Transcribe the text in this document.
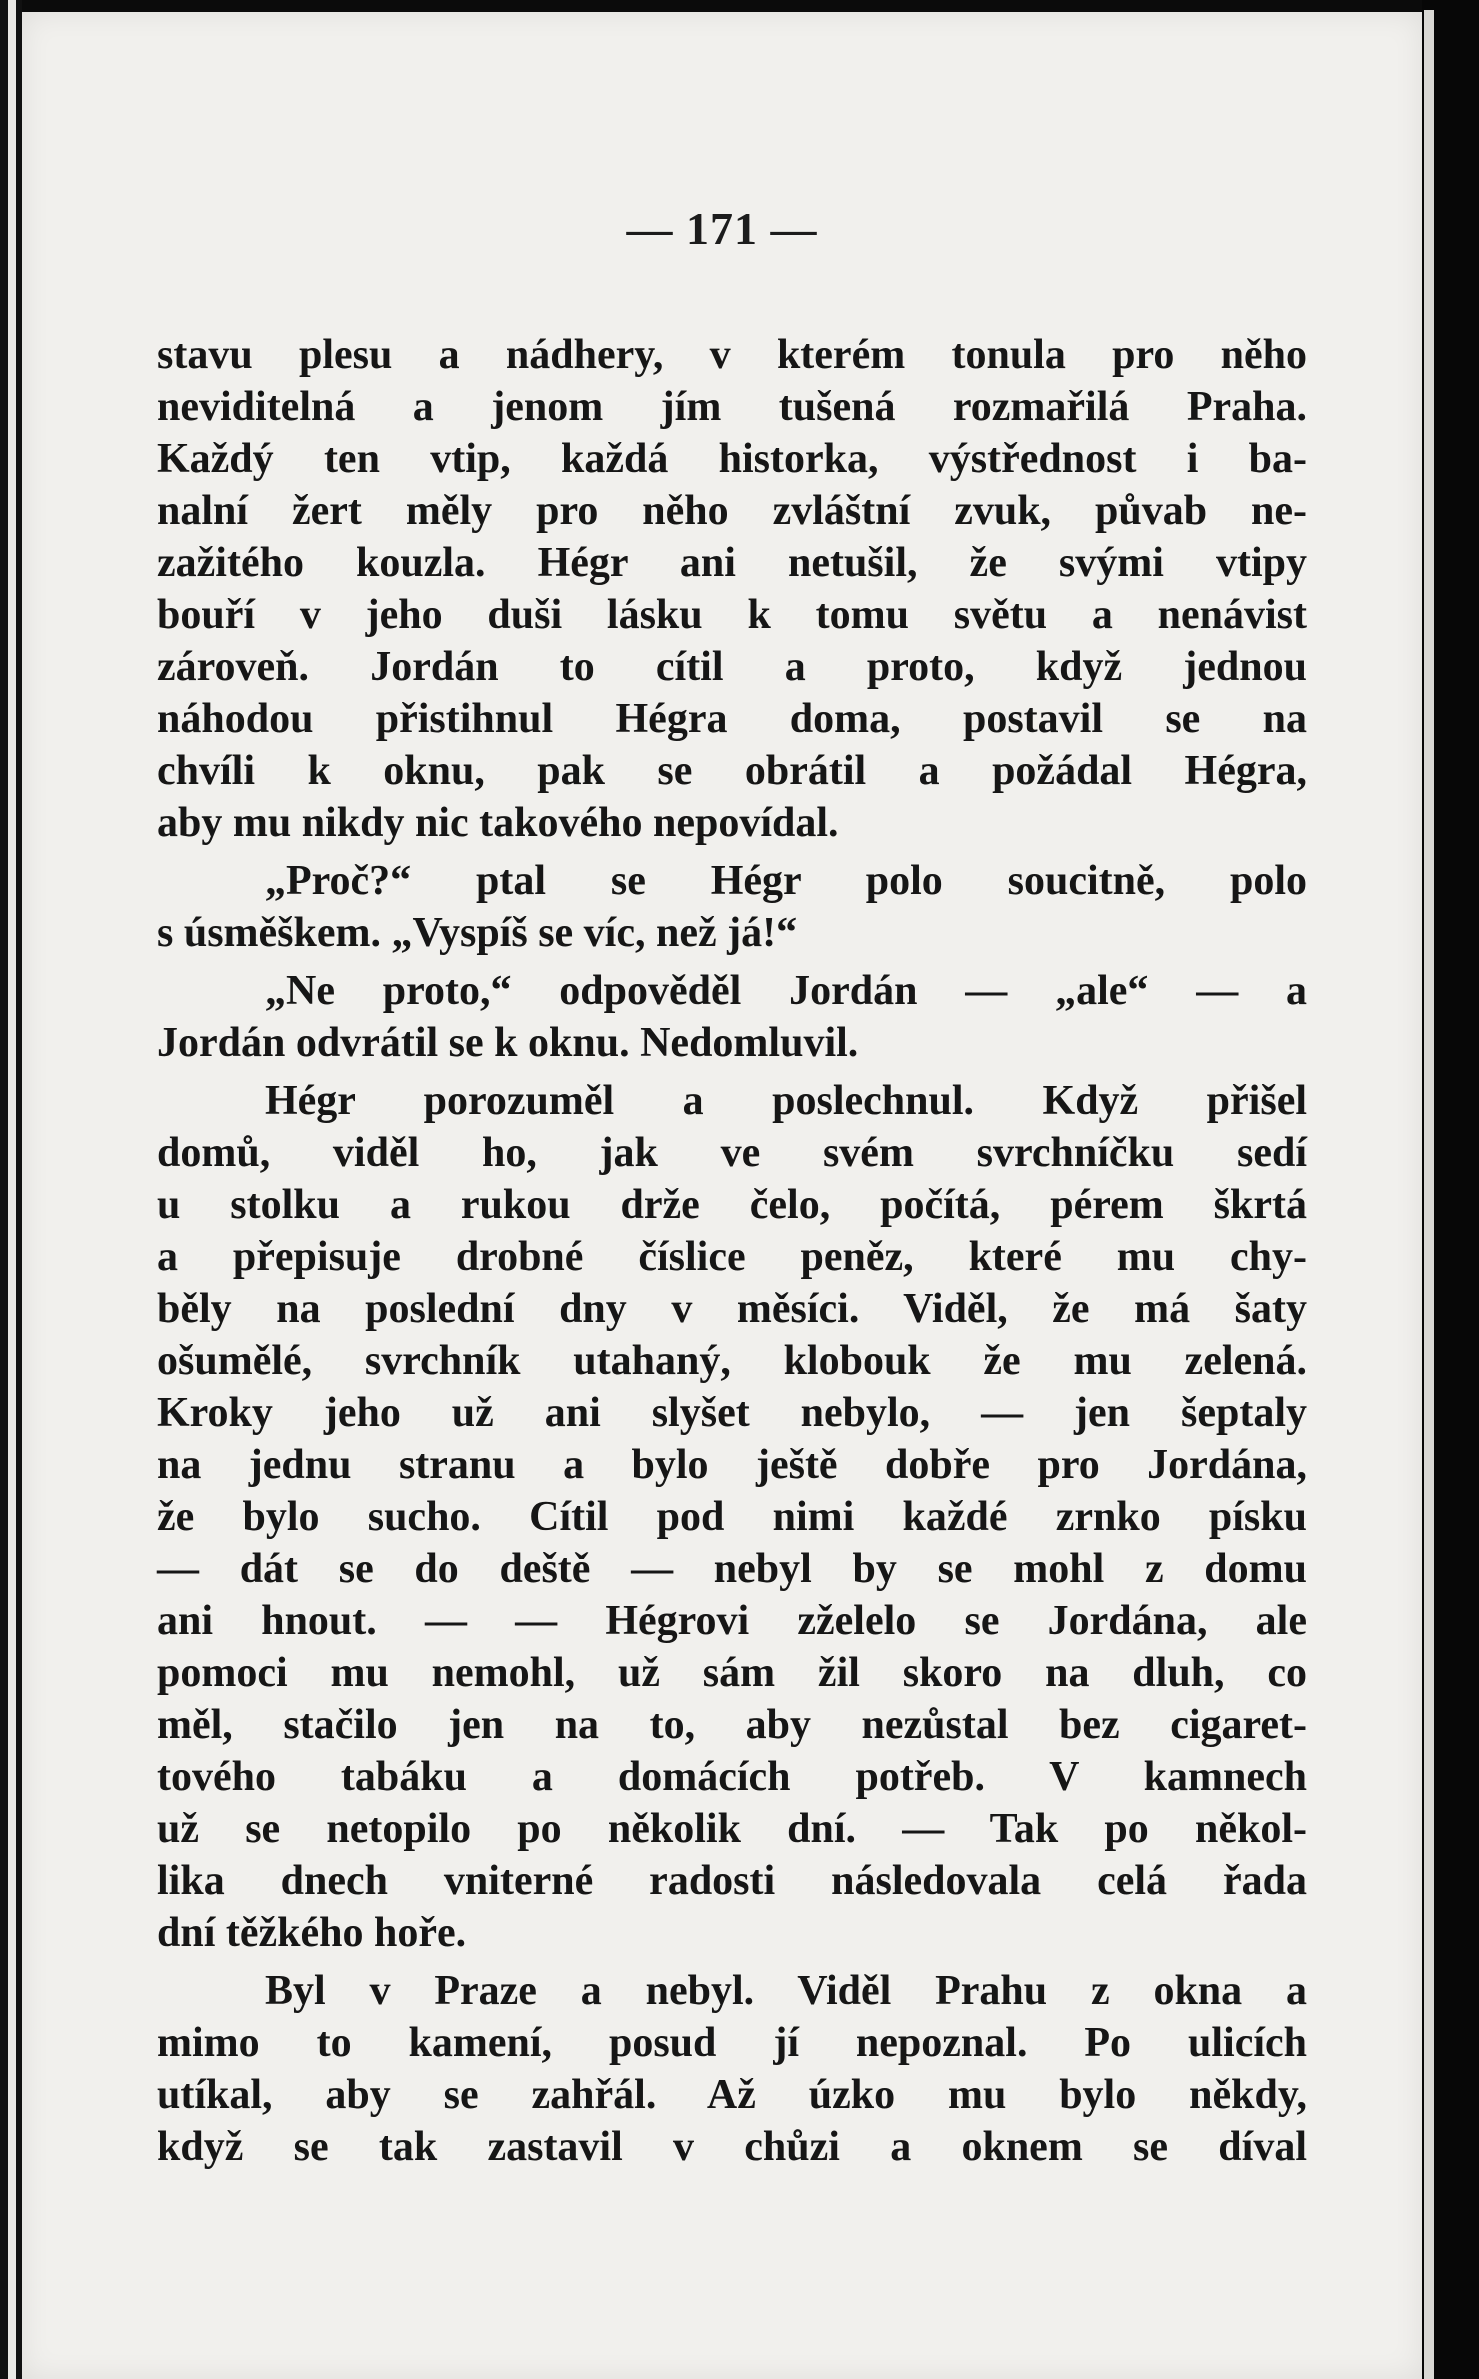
— 171 —
stavu plesu a nádhery, v kterém tonula pro něho
neviditelná a jenom jím tušená rozmařilá Praha.
Každý ten vtip, každá historka, výstřednost i ba-
nalní žert měly pro něho zvláštní zvuk, půvab ne-
zažitého kouzla. Hégr ani netušil, že svými vtipy
bouří v jeho duši lásku k tomu světu a nenávist
zároveň. Jordán to cítil a proto, když jednou
náhodou přistihnul Hégra doma, postavil se na
chvíli k oknu, pak se obrátil a požádal Hégra,
aby mu nikdy nic takového nepovídal.
„Proč?“ ptal se Hégr polo soucitně, polo
s úsměškem. „Vyspíš se víc, než já!“
„Ne proto,“ odpověděl Jordán — „ale“ — a
Jordán odvrátil se k oknu. Nedomluvil.
Hégr porozuměl a poslechnul. Když přišel
domů, viděl ho, jak ve svém svrchníčku sedí
u stolku a rukou drže čelo, počítá, pérem škrtá
a přepisuje drobné číslice peněz, které mu chy-
běly na poslední dny v měsíci. Viděl, že má šaty
ošumělé, svrchník utahaný, klobouk že mu zelená.
Kroky jeho už ani slyšet nebylo, — jen šeptaly
na jednu stranu a bylo ještě dobře pro Jordána,
že bylo sucho. Cítil pod nimi každé zrnko písku
— dát se do deště — nebyl by se mohl z domu
ani hnout. — — Hégrovi zželelo se Jordána, ale
pomoci mu nemohl, už sám žil skoro na dluh, co
měl, stačilo jen na to, aby nezůstal bez cigaret-
tového tabáku a domácích potřeb. V kamnech
už se netopilo po několik dní. — Tak po někol-
lika dnech vniterné radosti následovala celá řada
dní těžkého hoře.
Byl v Praze a nebyl. Viděl Prahu z okna a
mimo to kamení, posud jí nepoznal. Po ulicích
utíkal, aby se zahřál. Až úzko mu bylo někdy,
když se tak zastavil v chůzi a oknem se díval
